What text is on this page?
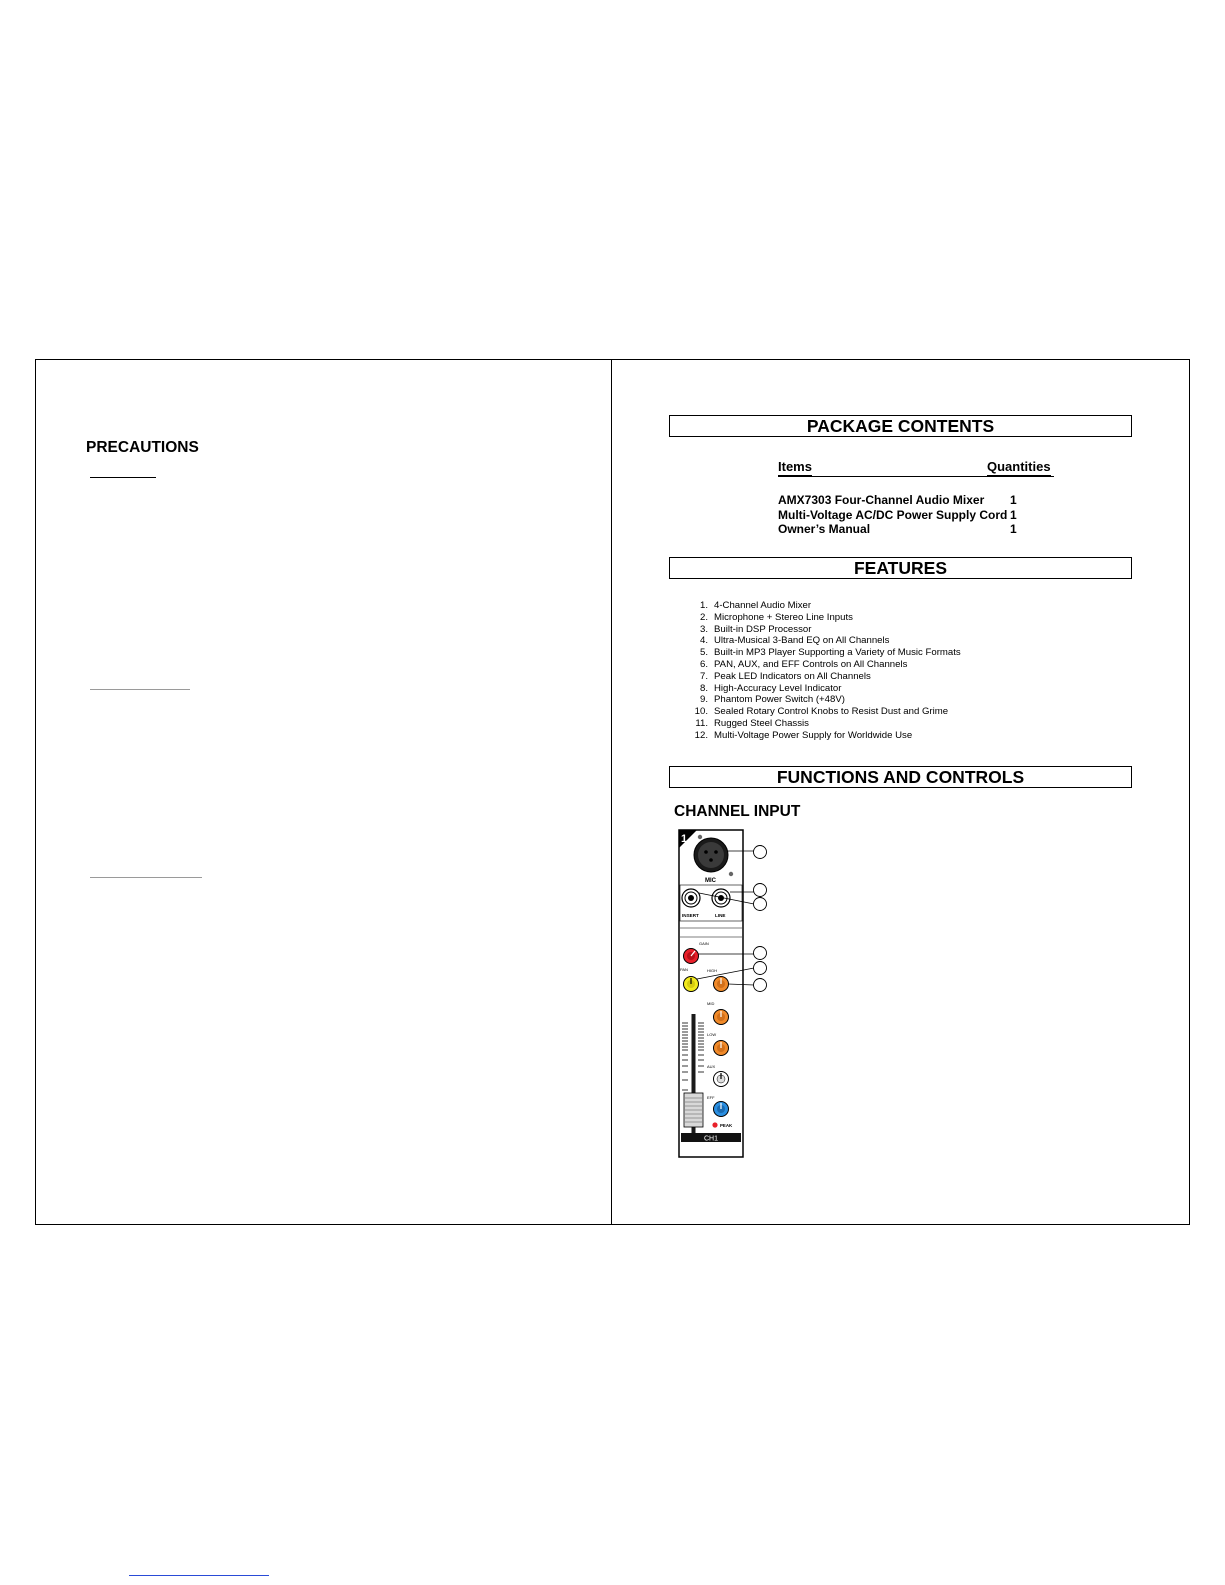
PRECAUTIONS
PACKAGE CONTENTS
Items	Quantities
AMX7303 Four-Channel Audio Mixer 1
Multi-Voltage AC/DC Power Supply Cord 1
Owner’s Manual	1
FEATURES
1. 4-Channel Audio Mixer
2. Microphone + Stereo Line Inputs
3. Built-in DSP Processor
4. Ultra-Musical 3-Band EQ on All Channels
5. Built-in MP3 Player Supporting a Variety of Music Formats
6. PAN, AUX, and EFF Controls on All Channels
7. Peak LED Indicators on All Channels
8. High-Accuracy Level Indicator
9. Phantom Power Switch (+48V)
10. Sealed Rotary Control Knobs to Resist Dust and Grime
11. Rugged Steel Chassis
12. Multi-Voltage Power Supply for Worldwide Use
FUNCTIONS AND CONTROLS
CHANNEL INPUT
1
MIC
INSERT	LINE
GAIN
PAN	HIGH
MID
LOW
AUX
EFF
PEAK
CH1
